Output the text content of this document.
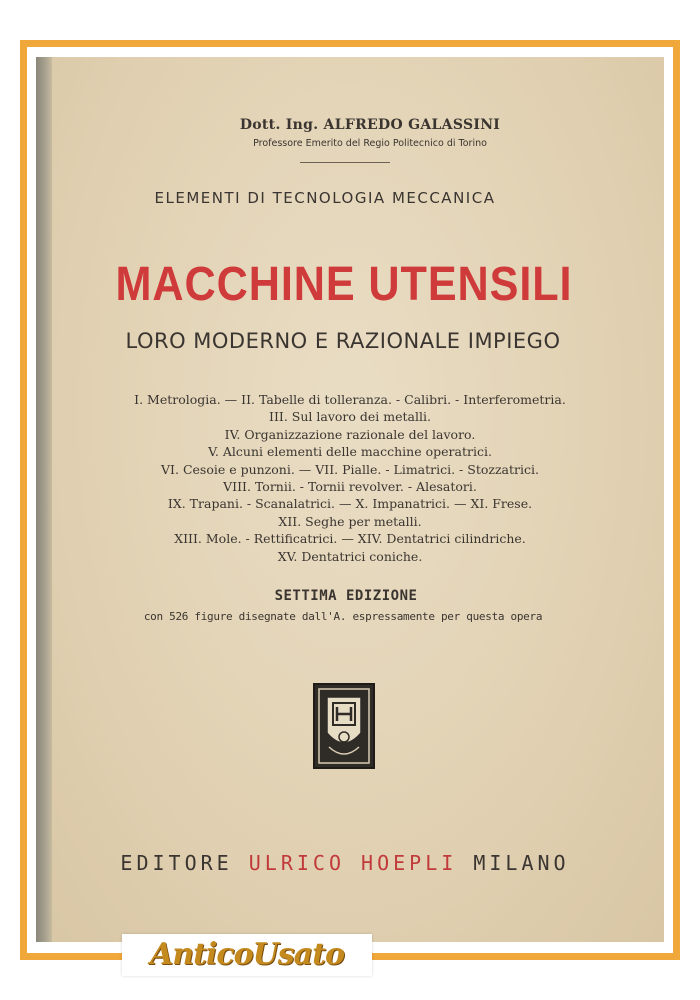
Dott. Ing. ALFREDO GALASSINI
Professore Emerito del Regio Politecnico di Torino
ELEMENTI DI TECNOLOGIA MECCANICA
MACCHINE UTENSILI
LORO MODERNO E RAZIONALE IMPIEGO
I. Metrologia. — II. Tabelle di tolleranza. - Calibri. - Interferometria.
III. Sul lavoro dei metalli.
IV. Organizzazione razionale del lavoro.
V. Alcuni elementi delle macchine operatrici.
VI. Cesoie e punzoni. — VII. Pialle. - Limatrici. - Stozzatrici.
VIII. Tornii. - Tornii revolver. - Alesatori.
IX. Trapani. - Scanalatrici. — X. Impanatrici. — XI. Frese.
XII. Seghe per metalli.
XIII. Mole. - Rettificatrici. — XIV. Dentatrici cilindriche.
XV. Dentatrici coniche.
SETTIMA EDIZIONE
con 526 figure disegnate dall'A. espressamente per questa opera
EDITORE ULRICO HOEPLI MILANO
AnticoUsato
